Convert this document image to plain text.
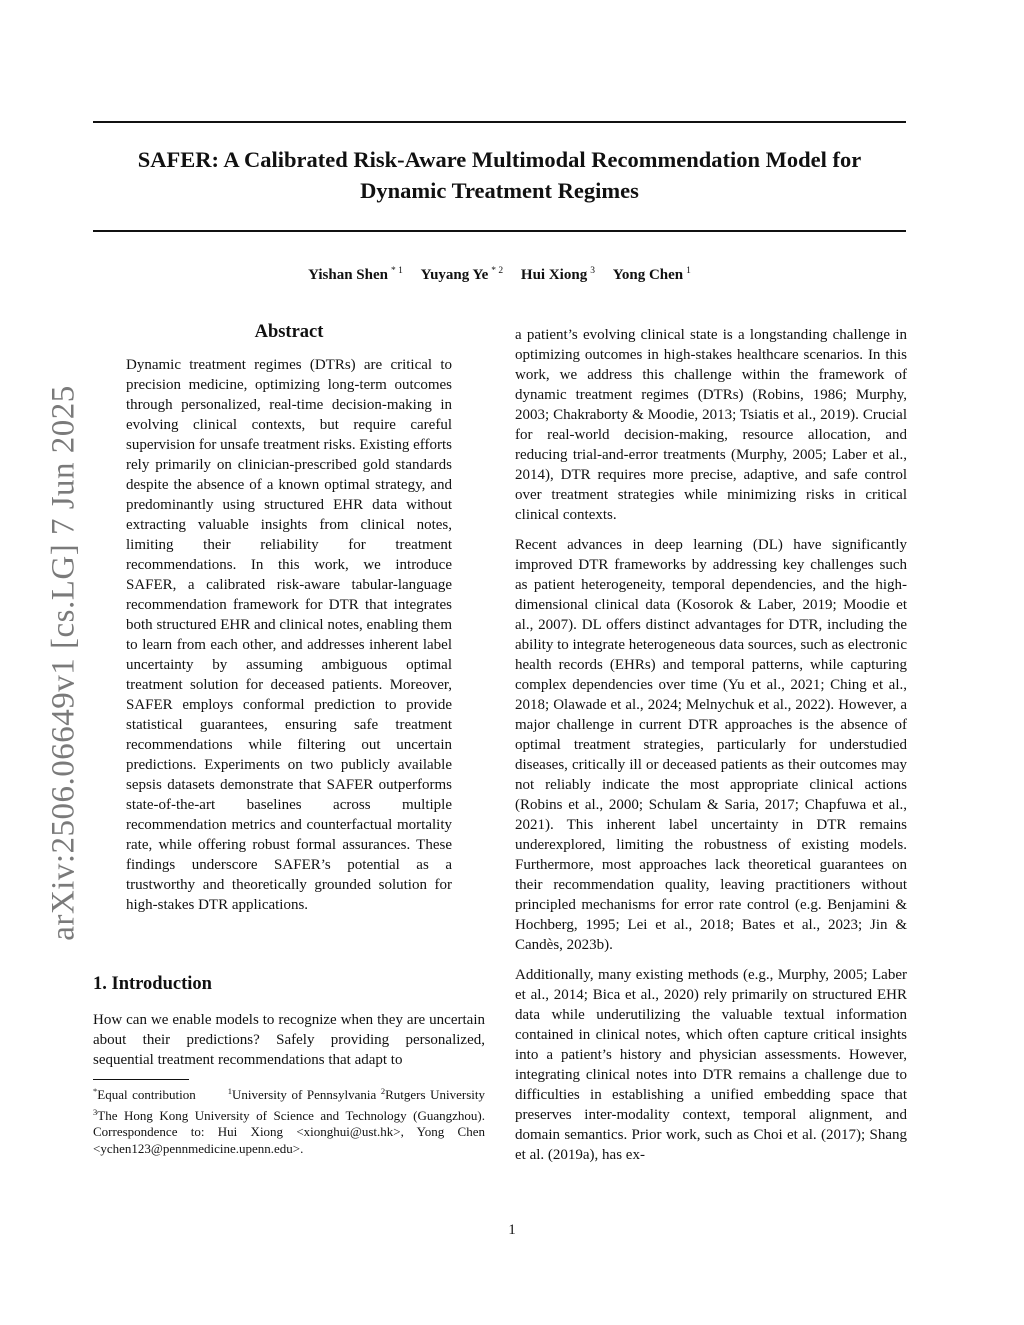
arXiv:2506.06649v1 [cs.LG] 7 Jun 2025
SAFER: A Calibrated Risk-Aware Multimodal Recommendation Model for
Dynamic Treatment Regimes
Yishan Shen $^{* 1}$ Yuyang Ye $^{* 2}$ Hui Xiong $^3$ Yong Chen $^1$
Abstract

Dynamic treatment regimes (DTRs) are critical to precision medicine, optimizing long-term outcomes through personalized, real-time decision-making in evolving clinical contexts, but require careful supervision for unsafe treatment risks. Existing efforts rely primarily on clinician-prescribed gold standards despite the absence of a known optimal strategy, and predominantly using structured EHR data without extracting valuable insights from clinical notes, limiting their reliability for treatment recommendations. In this work, we introduce SAFER, a calibrated risk-aware tabular-language recommendation framework for DTR that integrates both structured EHR and clinical notes, enabling them to learn from each other, and addresses inherent label uncertainty by assuming ambiguous optimal treatment solution for deceased patients. Moreover, SAFER employs conformal prediction to provide statistical guarantees, ensuring safe treatment recommendations while filtering out uncertain predictions. Experiments on two publicly available sepsis datasets demonstrate that SAFER outperforms state-of-the-art baselines across multiple recommendation metrics and counterfactual mortality rate, while offering robust formal assurances. These findings underscore SAFER’s potential as a trustworthy and theoretically grounded solution for high-stakes DTR applications.

1. Introduction

How can we enable models to recognize when they are uncertain about their predictions? Safely providing personalized, sequential treatment recommendations that adapt to

*Equal contribution	$^1$University of Pennsylvania $^2$Rutgers University $^3$The Hong Kong University of Science and Technology (Guangzhou). Correspondence to: Hui Xiong <xionghui@ust.hk>, Yong Chen <ychen123@pennmedicine.upenn.edu>.

a patient’s evolving clinical state is a longstanding challenge in optimizing outcomes in high-stakes healthcare scenarios. In this work, we address this challenge within the framework of dynamic treatment regimes (DTRs) (Robins, 1986; Murphy, 2003; Chakraborty & Moodie, 2013; Tsiatis et al., 2019). Crucial for real-world decision-making, resource allocation, and reducing trial-and-error treatments (Murphy, 2005; Laber et al., 2014), DTR requires more precise, adaptive, and safe control over treatment strategies while minimizing risks in critical clinical contexts.

Recent advances in deep learning (DL) have significantly improved DTR frameworks by addressing key challenges such as patient heterogeneity, temporal dependencies, and the high-dimensional clinical data (Kosorok & Laber, 2019; Moodie et al., 2007). DL offers distinct advantages for DTR, including the ability to integrate heterogeneous data sources, such as electronic health records (EHRs) and temporal patterns, while capturing complex dependencies over time (Yu et al., 2021; Ching et al., 2018; Olawade et al., 2024; Melnychuk et al., 2022). However, a major challenge in current DTR approaches is the absence of optimal treatment strategies, particularly for understudied diseases, critically ill or deceased patients as their outcomes may not reliably indicate the most appropriate clinical actions (Robins et al., 2000; Schulam & Saria, 2017; Chapfuwa et al., 2021). This inherent label uncertainty in DTR remains underexplored, limiting the robustness of existing models. Furthermore, most approaches lack theoretical guarantees on their recommendation quality, leaving practitioners without principled mechanisms for error rate control (e.g. Benjamini & Hochberg, 1995; Lei et al., 2018; Bates et al., 2023; Jin & Candès, 2023b).

Additionally, many existing methods (e.g., Murphy, 2005; Laber et al., 2014; Bica et al., 2020) rely primarily on structured EHR data while underutilizing the valuable textual information contained in clinical notes, which often capture critical insights into a patient’s history and physician assessments. However, integrating clinical notes into DTR remains a challenge due to difficulties in establishing a unified embedding space that preserves inter-modality context, temporal alignment, and domain semantics. Prior work, such as Choi et al. (2017); Shang et al. (2019a), has ex-

1
